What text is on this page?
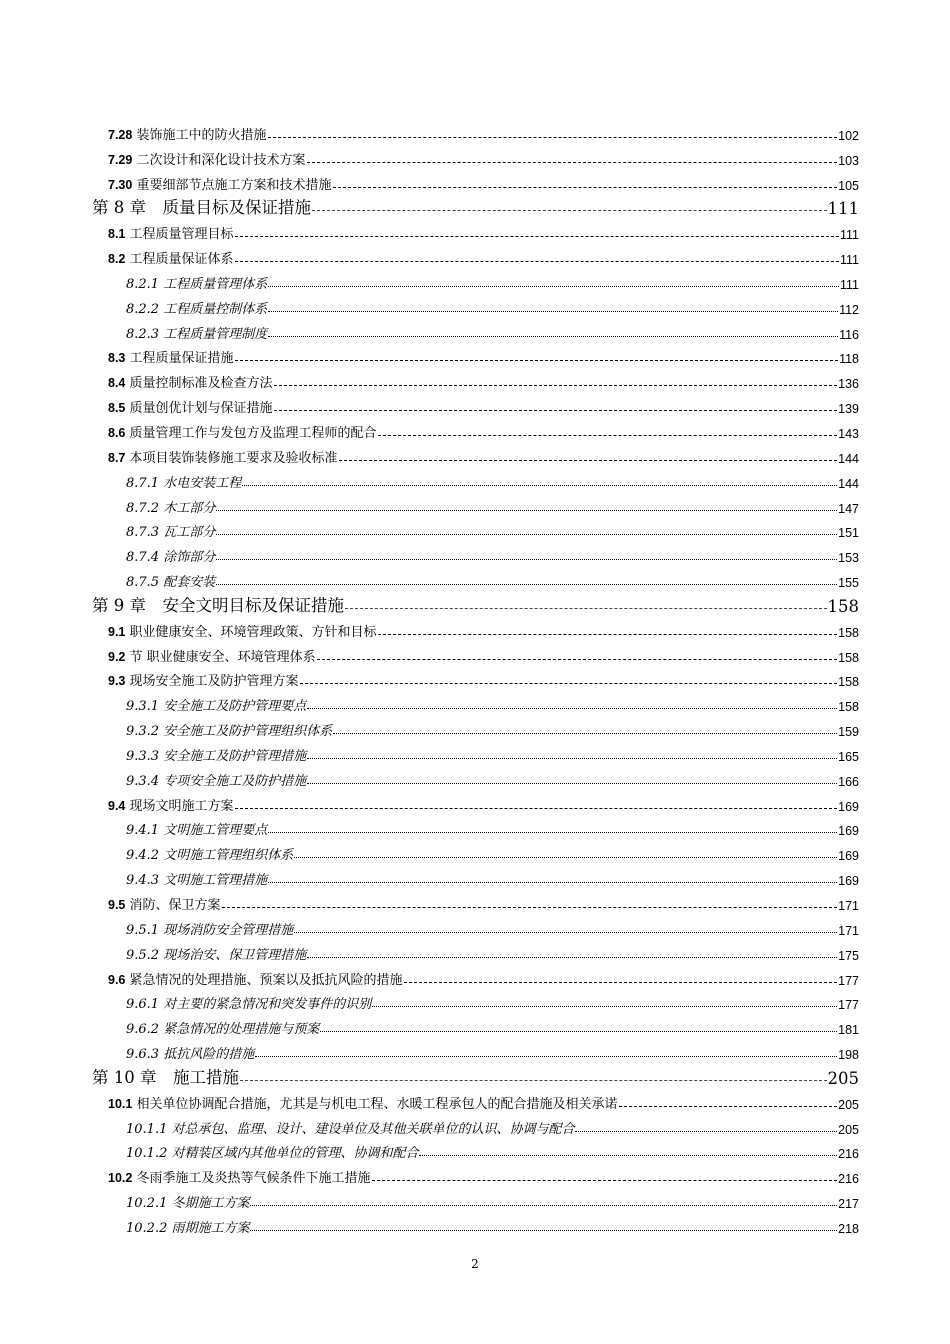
7.28 装饰施工中的防火措施	102
7.29 二次设计和深化设计技术方案	103
7.30 重要细部节点施工方案和技术措施	105
第 8 章　质量目标及保证措施	111
8.1 工程质量管理目标	111
8.2 工程质量保证体系	111
8.2.1 工程质量管理体系	111
8.2.2 工程质量控制体系	112
8.2.3 工程质量管理制度	116
8.3 工程质量保证措施	118
8.4 质量控制标准及检查方法	136
8.5 质量创优计划与保证措施	139
8.6 质量管理工作与发包方及监理工程师的配合	143
8.7 本项目装饰装修施工要求及验收标准	144
8.7.1 水电安装工程	144
8.7.2 木工部分	147
8.7.3 瓦工部分	151
8.7.4 涂饰部分	153
8.7.5 配套安装	155
第 9 章　安全文明目标及保证措施	158
9.1 职业健康安全、环境管理政策、方针和目标	158
9.2 节 职业健康安全、环境管理体系	158
9.3 现场安全施工及防护管理方案	158
9.3.1 安全施工及防护管理要点	158
9.3.2 安全施工及防护管理组织体系	159
9.3.3 安全施工及防护管理措施	165
9.3.4 专项安全施工及防护措施	166
9.4 现场文明施工方案	169
9.4.1 文明施工管理要点	169
9.4.2 文明施工管理组织体系	169
9.4.3 文明施工管理措施	169
9.5 消防、保卫方案	171
9.5.1 现场消防安全管理措施	171
9.5.2 现场治安、保卫管理措施	175
9.6 紧急情况的处理措施、预案以及抵抗风险的措施	177
9.6.1 对主要的紧急情况和突发事件的识别	177
9.6.2 紧急情况的处理措施与预案	181
9.6.3 抵抗风险的措施	198
第 10 章　施工措施	205
10.1 相关单位协调配合措施，尤其是与机电工程、水暖工程承包人的配合措施及相关承诺	205
10.1.1 对总承包、监理、设计、建设单位及其他关联单位的认识、协调与配合	205
10.1.2 对精装区域内其他单位的管理、协调和配合	216
10.2 冬雨季施工及炎热等气候条件下施工措施	216
10.2.1 冬期施工方案	217
10.2.2 雨期施工方案	218
2
